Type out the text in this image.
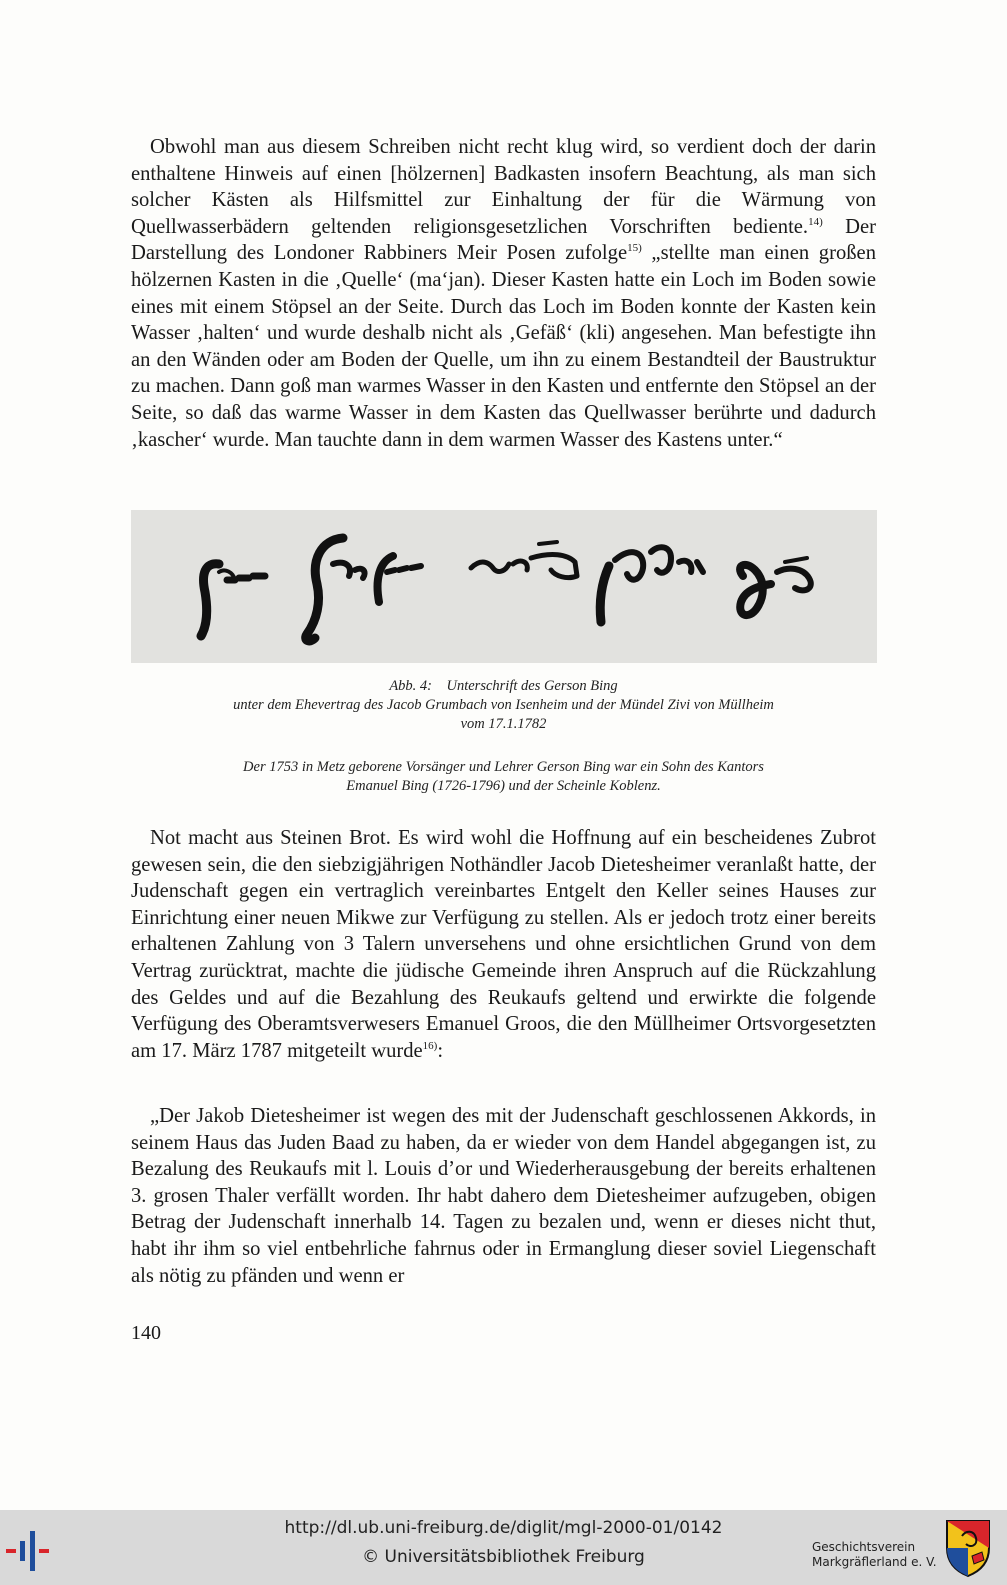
Obwohl man aus diesem Schreiben nicht recht klug wird, so verdient doch der darin enthaltene Hinweis auf einen [hölzernen] Badkasten insofern Beachtung, als man sich solcher Kästen als Hilfsmittel zur Einhaltung der für die Wärmung von Quellwasserbädern geltenden religionsgesetzlichen Vorschriften bediente.$^{14)}$ Der Darstellung des Londoner Rabbiners Meir Posen zufolge$^{15)}$ „stellte man einen großen hölzernen Kasten in die ‚Quelle‘ (ma‘jan). Dieser Kasten hatte ein Loch im Boden sowie eines mit einem Stöpsel an der Seite. Durch das Loch im Boden konnte der Kasten kein Wasser ‚halten‘ und wurde deshalb nicht als ‚Gefäß‘ (kli) angesehen. Man befestigte ihn an den Wänden oder am Boden der Quelle, um ihn zu einem Bestandteil der Baustruktur zu machen. Dann goß man warmes Wasser in den Kasten und entfernte den Stöpsel an der Seite, so daß das warme Wasser in dem Kasten das Quellwasser berührte und dadurch ‚kascher‘ wurde. Man tauchte dann in dem warmen Wasser des Kastens unter.“

Abb. 4: Unterschrift des Gerson Bing
unter dem Ehevertrag des Jacob Grumbach von Isenheim und der Mündel Zivi von Müllheim
vom 17.1.1782
Der 1753 in Metz geborene Vorsänger und Lehrer Gerson Bing war ein Sohn des Kantors
Emanuel Bing (1726-1796) und der Scheinle Koblenz.

Not macht aus Steinen Brot. Es wird wohl die Hoffnung auf ein bescheidenes Zubrot gewesen sein, die den siebzigjährigen Nothändler Jacob Dietesheimer veranlaßt hatte, der Judenschaft gegen ein vertraglich vereinbartes Entgelt den Keller seines Hauses zur Einrichtung einer neuen Mikwe zur Verfügung zu stellen. Als er jedoch trotz einer bereits erhaltenen Zahlung von 3 Talern unversehens und ohne ersichtlichen Grund von dem Vertrag zurücktrat, machte die jüdische Gemeinde ihren Anspruch auf die Rückzahlung des Geldes und auf die Bezahlung des Reukaufs geltend und erwirkte die folgende Verfügung des Oberamtsverwesers Emanuel Groos, die den Müllheimer Ortsvorgesetzten am 17. März 1787 mitgeteilt wurde$^{16)}$:

„Der Jakob Dietesheimer ist wegen des mit der Judenschaft geschlossenen Akkords, in seinem Haus das Juden Baad zu haben, da er wieder von dem Handel abgegangen ist, zu Bezalung des Reukaufs mit l. Louis d’or und Wiederherausgebung der bereits erhaltenen 3. grosen Thaler verfällt worden. Ihr habt dahero dem Dietesheimer aufzugeben, obigen Betrag der Judenschaft innerhalb 14. Tagen zu bezalen und, wenn er dieses nicht thut, habt ihr ihm so viel entbehrliche fahrnus oder in Ermanglung dieser soviel Liegenschaft als nötig zu pfänden und wenn er

140
http://dl.ub.uni-freiburg.de/diglit/mgl-2000-01/0142
© Universitätsbibliothek Freiburg	Geschichtsverein
Markgräflerland e. V.
